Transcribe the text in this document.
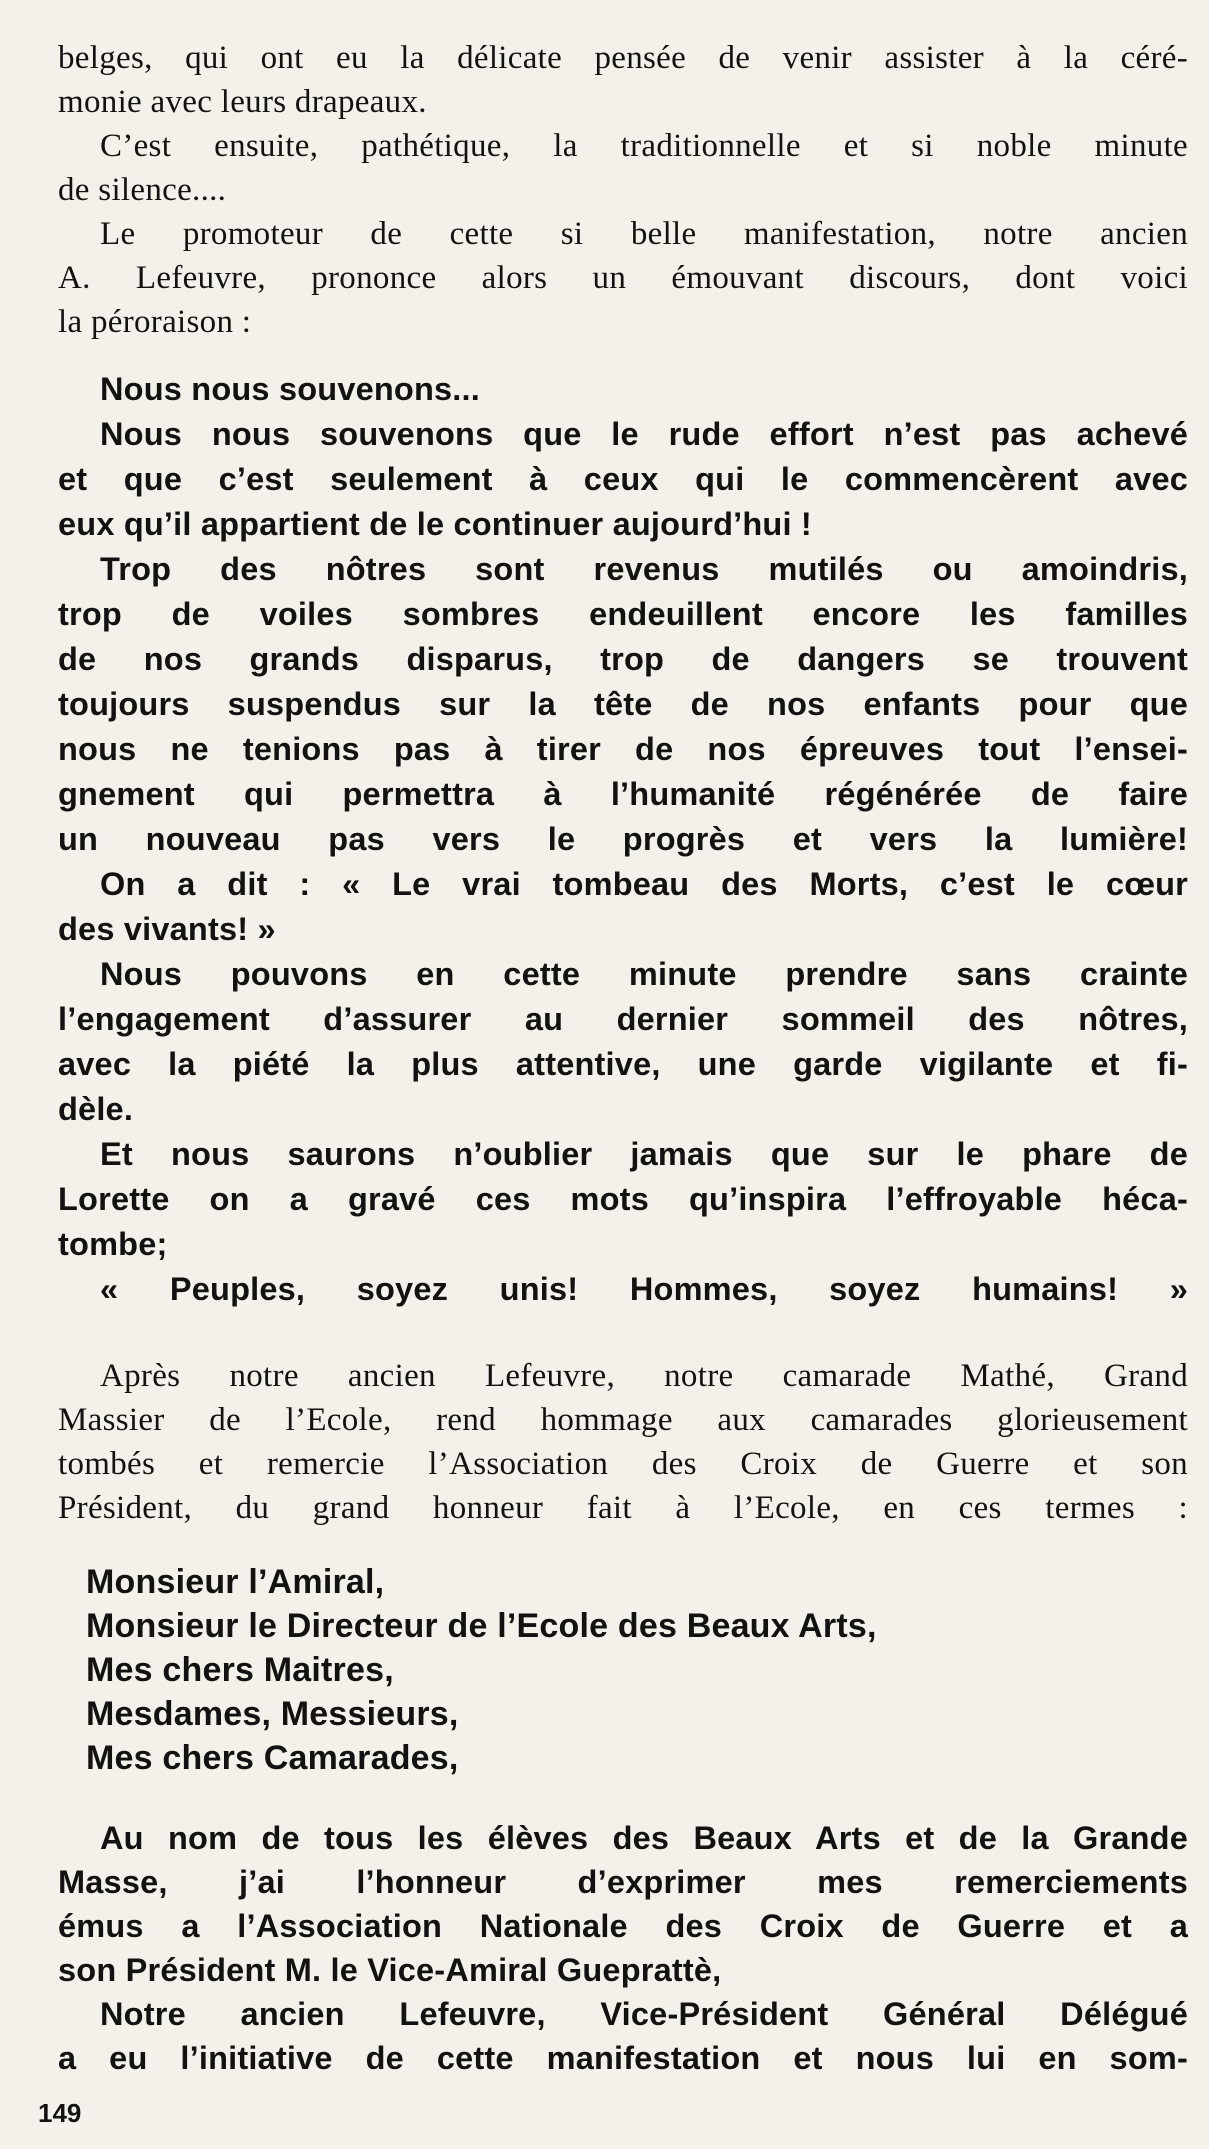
belges, qui ont eu la délicate pensée de venir assister à la céré-
monie avec leurs drapeaux.
C’est ensuite, pathétique, la traditionnelle et si noble minute
de silence....
Le promoteur de cette si belle manifestation, notre ancien
A. Lefeuvre, prononce alors un émouvant discours, dont voici
la péroraison :
Nous nous souvenons...
Nous nous souvenons que le rude effort n’est pas achevé
et que c’est seulement à ceux qui le commencèrent avec
eux qu’il appartient de le continuer aujourd’hui !
Trop des nôtres sont revenus mutilés ou amoindris,
trop de voiles sombres endeuillent encore les familles
de nos grands disparus, trop de dangers se trouvent
toujours suspendus sur la tête de nos enfants pour que
nous ne tenions pas à tirer de nos épreuves tout l’ensei-
gnement qui permettra à l’humanité régénérée de faire
un nouveau pas vers le progrès et vers la lumière!
On a dit : « Le vrai tombeau des Morts, c’est le cœur
des vivants! »
Nous pouvons en cette minute prendre sans crainte
l’engagement d’assurer au dernier sommeil des nôtres,
avec la piété la plus attentive, une garde vigilante et fi-
dèle.
Et nous saurons n’oublier jamais que sur le phare de
Lorette on a gravé ces mots qu’inspira l’effroyable héca-
tombe;
« Peuples, soyez unis! Hommes, soyez humains! »
Après notre ancien Lefeuvre, notre camarade Mathé, Grand
Massier de l’Ecole, rend hommage aux camarades glorieusement
tombés et remercie l’Association des Croix de Guerre et son
Président, du grand honneur fait à l’Ecole, en ces termes :
Monsieur l’Amiral,
Monsieur le Directeur de l’Ecole des Beaux Arts,
Mes chers Maitres,
Mesdames, Messieurs,
Mes chers Camarades,
Au nom de tous les élèves des Beaux Arts et de la Grande
Masse, j’ai l’honneur d’exprimer mes remerciements
émus a l’Association Nationale des Croix de Guerre et a
son Président M. le Vice-Amiral Gueprattè,
Notre ancien Lefeuvre, Vice-Président Général Délégué
a eu l’initiative de cette manifestation et nous lui en som-
149
